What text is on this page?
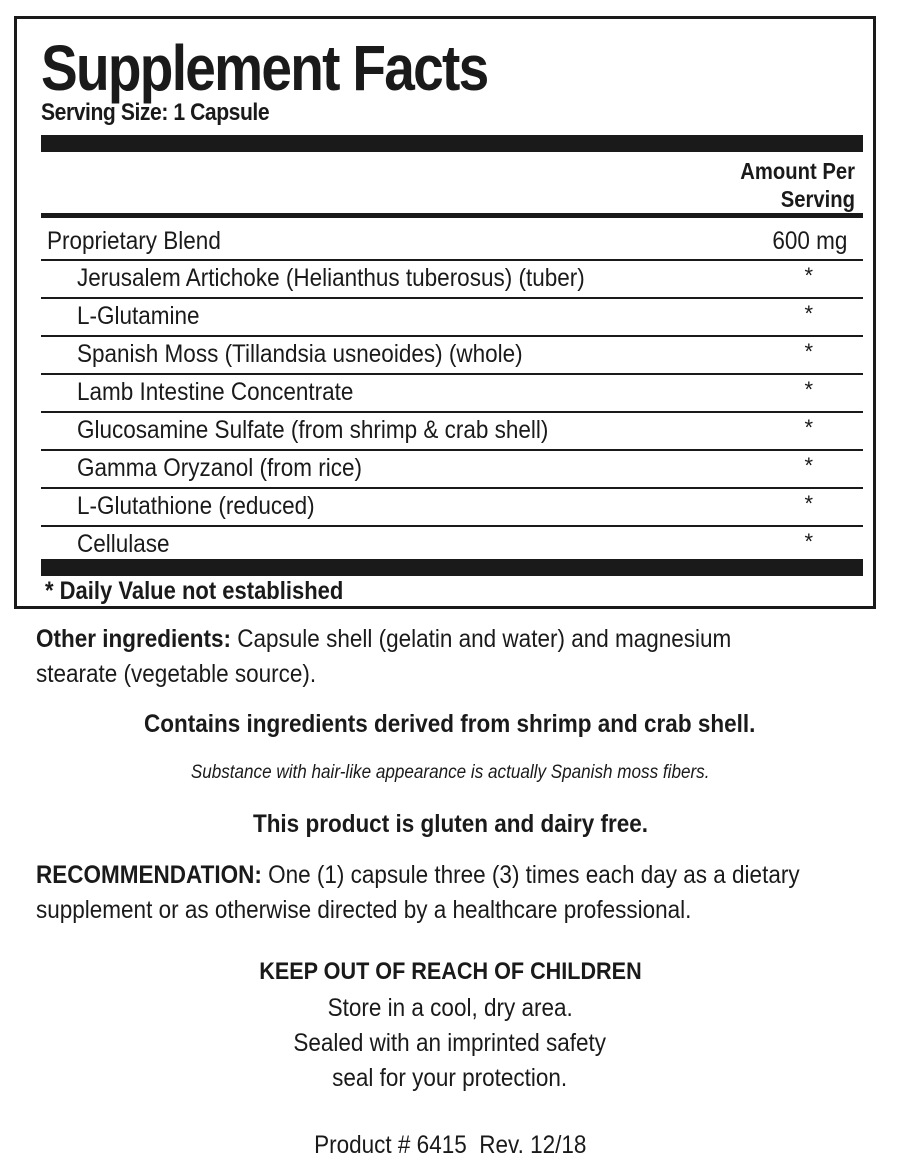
Supplement Facts
Serving Size: 1 Capsule
Amount Per
Serving
Proprietary Blend	600 mg
Jerusalem Artichoke (Helianthus tuberosus) (tuber)	*
L-Glutamine	*
Spanish Moss (Tillandsia usneoides) (whole)	*
Lamb Intestine Concentrate	*
Glucosamine Sulfate (from shrimp & crab shell)	*
Gamma Oryzanol (from rice)	*
L-Glutathione (reduced)	*
Cellulase	*
* Daily Value not established
Other ingredients: Capsule shell (gelatin and water) and magnesium
stearate (vegetable source).
Contains ingredients derived from shrimp and crab shell.
Substance with hair-like appearance is actually Spanish moss fibers.
This product is gluten and dairy free.
RECOMMENDATION: One (1) capsule three (3) times each day as a dietary
supplement or as otherwise directed by a healthcare professional.
KEEP OUT OF REACH OF CHILDREN
Store in a cool, dry area.
Sealed with an imprinted safety
seal for your protection.
Product # 6415  Rev. 12/18
